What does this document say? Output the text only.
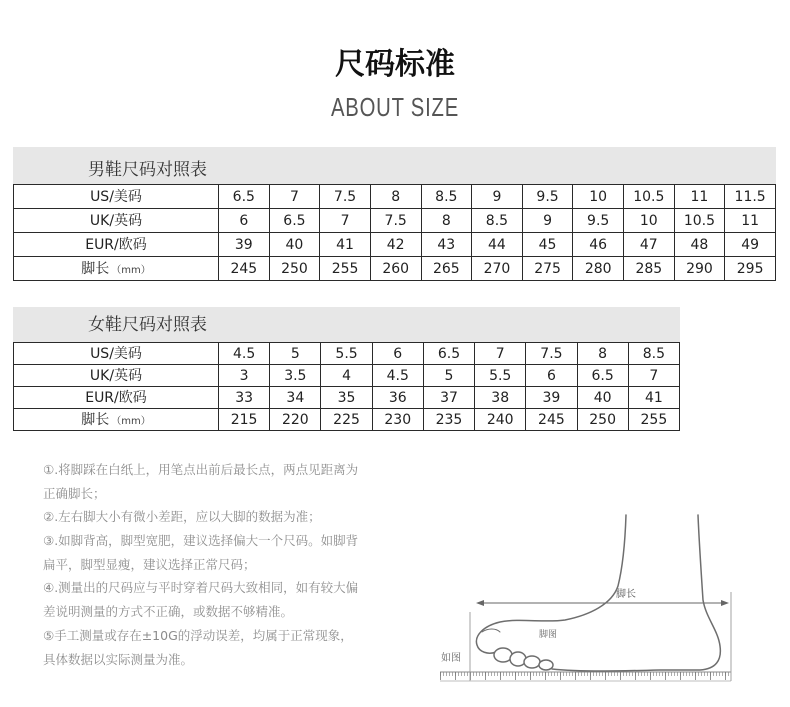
尺码标准
ABOUT SIZE
男鞋尺码对照表
US/美码	6.5	7	7.5	8	8.5	9	9.5	10	10.5	11	11.5
UK/英码	6	6.5	7	7.5	8	8.5	9	9.5	10	10.5	11
EUR/欧码	39	40	41	42	43	44	45	46	47	48	49
脚长 （mm）	245	250	255	260	265	270	275	280	285	290	295
女鞋尺码对照表
US/美码	4.5	5	5.5	6	6.5	7	7.5	8	8.5
UK/英码	3	3.5	4	4.5	5	5.5	6	6.5	7
EUR/欧码	33	34	35	36	37	38	39	40	41
脚长 （mm）	215	220	225	230	235	240	245	250	255
①.将脚踩在白纸上，用笔点出前后最长点，两点见距离为
正确脚长；
②.左右脚大小有微小差距，应以大脚的数据为准；
③.如脚背高，脚型宽肥，建议选择偏大一个尺码。如脚背
扁平，脚型显瘦，建议选择正常尺码；
④.测量出的尺码应与平时穿着尺码大致相同，如有较大偏
差说明测量的方式不正确，或数据不够精准。
⑤手工测量或存在±10G的浮动误差，均属于正常现象，
具体数据以实际测量为准。
脚长
脚图
如图
